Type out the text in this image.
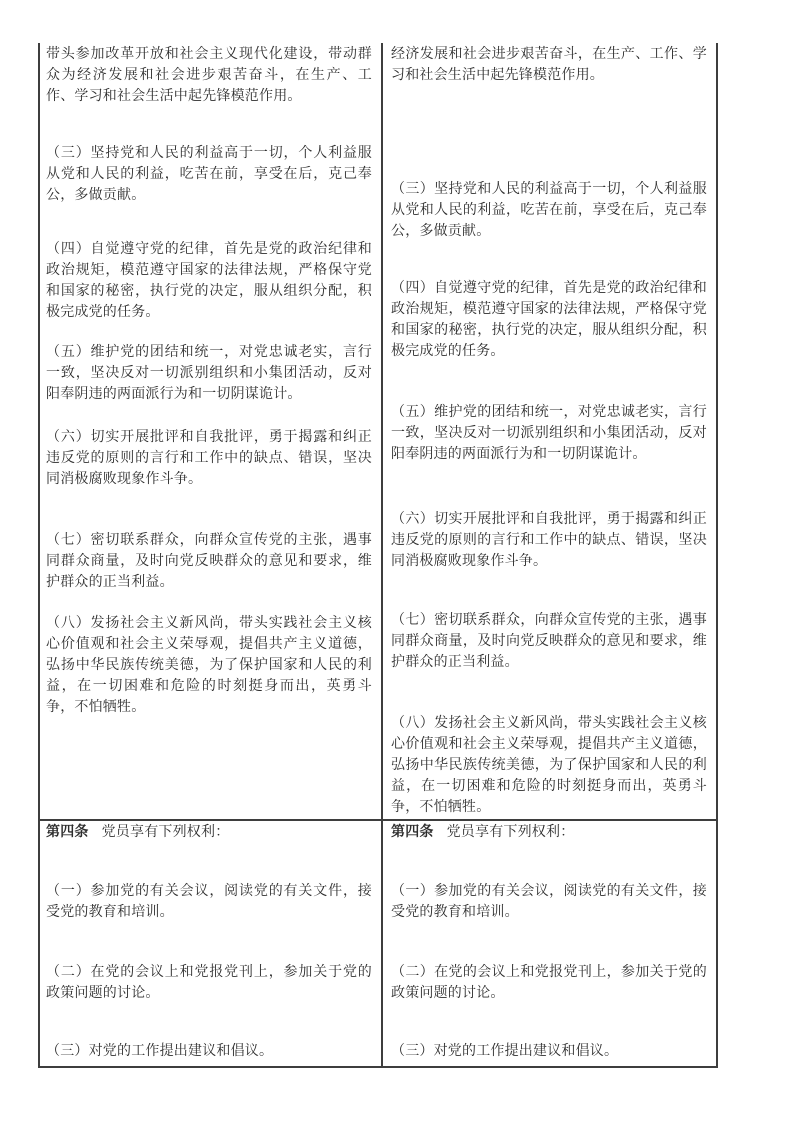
带头参加改革开放和社会主义现代化建设，带动群众为经济发展和社会进步艰苦奋斗，在生产、工作、学习和社会生活中起先锋模范作用。
（三）坚持党和人民的利益高于一切，个人利益服从党和人民的利益，吃苦在前，享受在后，克己奉公，多做贡献。
（四）自觉遵守党的纪律，首先是党的政治纪律和政治规矩，模范遵守国家的法律法规，严格保守党和国家的秘密，执行党的决定，服从组织分配，积极完成党的任务。
（五）维护党的团结和统一，对党忠诚老实，言行一致，坚决反对一切派别组织和小集团活动，反对阳奉阴违的两面派行为和一切阴谋诡计。
（六）切实开展批评和自我批评，勇于揭露和纠正违反党的原则的言行和工作中的缺点、错误，坚决同消极腐败现象作斗争。
（七）密切联系群众，向群众宣传党的主张，遇事同群众商量，及时向党反映群众的意见和要求，维护群众的正当利益。
（八）发扬社会主义新风尚，带头实践社会主义核心价值观和社会主义荣辱观，提倡共产主义道德，弘扬中华民族传统美德，为了保护国家和人民的利益，在一切困难和危险的时刻挺身而出，英勇斗争，不怕牺牲。
经济发展和社会进步艰苦奋斗，在生产、工作、学习和社会生活中起先锋模范作用。
（三）坚持党和人民的利益高于一切，个人利益服从党和人民的利益，吃苦在前，享受在后，克己奉公，多做贡献。
（四）自觉遵守党的纪律，首先是党的政治纪律和政治规矩，模范遵守国家的法律法规，严格保守党和国家的秘密，执行党的决定，服从组织分配，积极完成党的任务。
（五）维护党的团结和统一，对党忠诚老实，言行一致，坚决反对一切派别组织和小集团活动，反对阳奉阴违的两面派行为和一切阴谋诡计。
（六）切实开展批评和自我批评，勇于揭露和纠正违反党的原则的言行和工作中的缺点、错误，坚决同消极腐败现象作斗争。
（七）密切联系群众，向群众宣传党的主张，遇事同群众商量，及时向党反映群众的意见和要求，维护群众的正当利益。
（八）发扬社会主义新风尚，带头实践社会主义核心价值观和社会主义荣辱观，提倡共产主义道德，弘扬中华民族传统美德，为了保护国家和人民的利益，在一切困难和危险的时刻挺身而出，英勇斗争，不怕牺牲。
第四条 党员享有下列权利：
（一）参加党的有关会议，阅读党的有关文件，接受党的教育和培训。
（二）在党的会议上和党报党刊上，参加关于党的政策问题的讨论。
（三）对党的工作提出建议和倡议。
第四条 党员享有下列权利：
（一）参加党的有关会议，阅读党的有关文件，接受党的教育和培训。
（二）在党的会议上和党报党刊上，参加关于党的政策问题的讨论。
（三）对党的工作提出建议和倡议。
